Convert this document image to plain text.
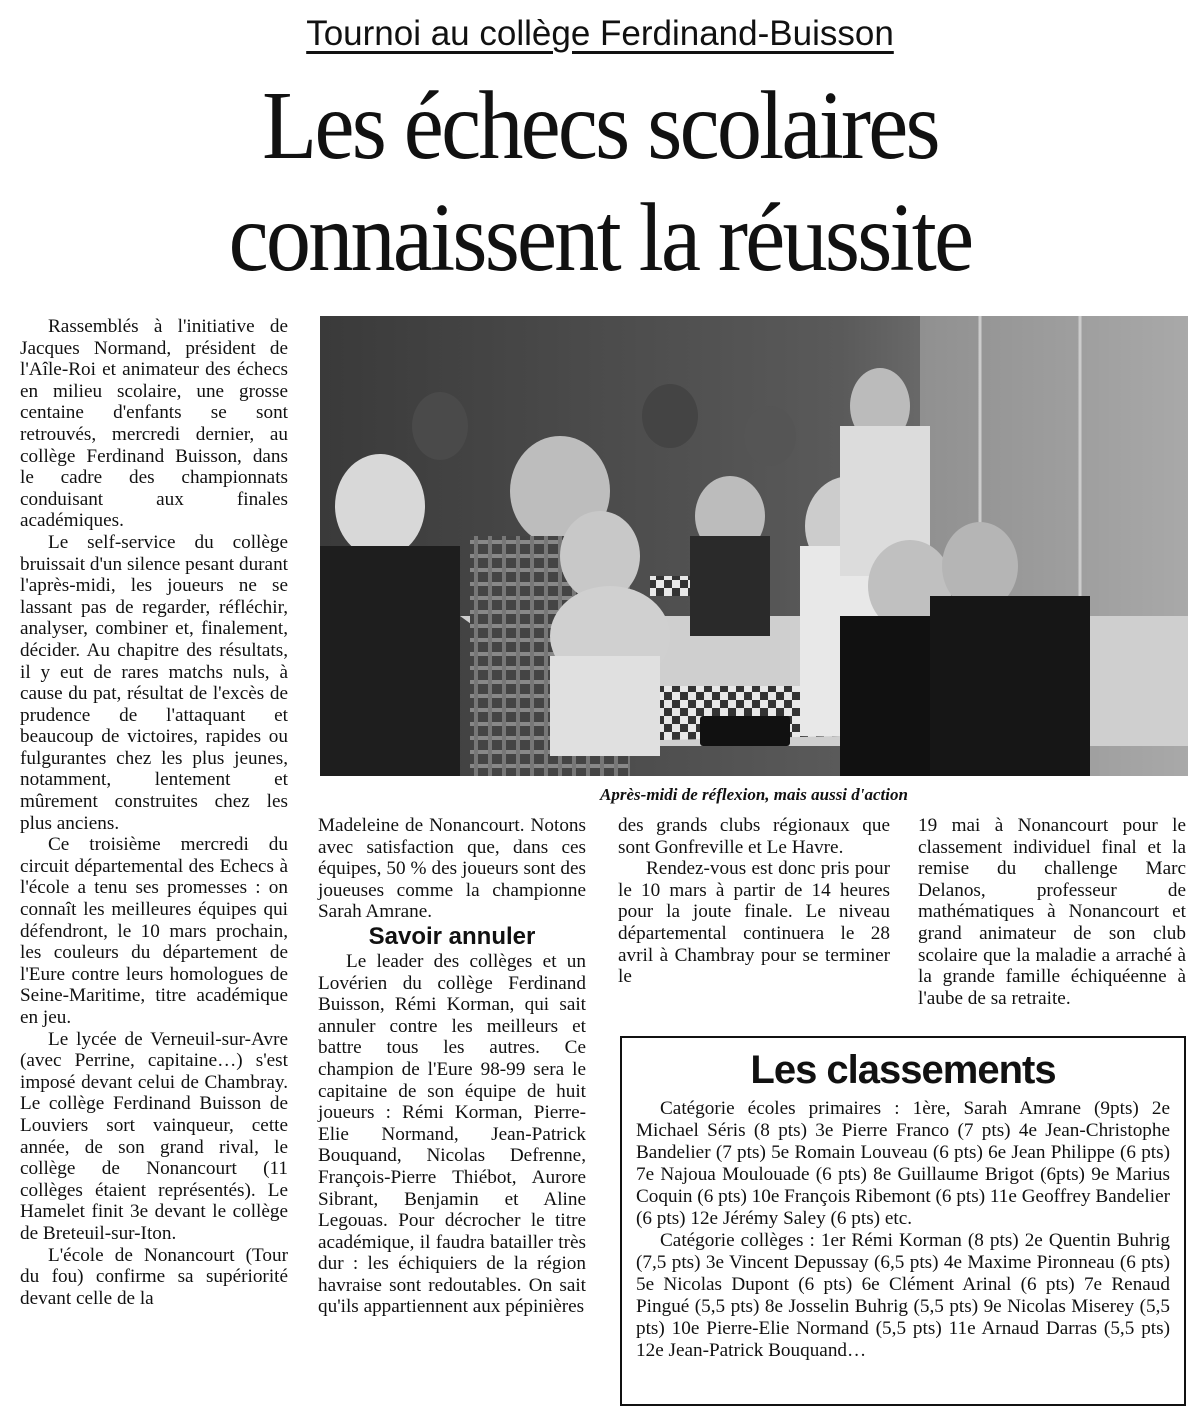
Tournoi au collège Ferdinand-Buisson
Les échecs scolaires
connaissent la réussite

Rassemblés à l'initiative de Jacques Normand, président de l'Aîle-Roi et animateur des échecs en milieu scolaire, une grosse centaine d'enfants se sont retrouvés, mercredi dernier, au collège Ferdinand Buisson, dans le cadre des championnats conduisant aux finales académiques.

Le self-service du collège bruissait d'un silence pesant durant l'après-midi, les joueurs ne se lassant pas de regarder, réfléchir, analyser, combiner et, finalement, décider. Au chapitre des résultats, il y eut de rares matchs nuls, à cause du pat, résultat de l'excès de prudence de l'attaquant et beaucoup de victoires, rapides ou fulgurantes chez les plus jeunes, notamment, lentement et mûrement construites chez les plus anciens.

Ce troisième mercredi du circuit départemental des Echecs à l'école a tenu ses promesses : on connaît les meilleures équipes qui défendront, le 10 mars prochain, les couleurs du département de l'Eure contre leurs homologues de Seine-Maritime, titre académique en jeu.

Le lycée de Verneuil-sur-Avre (avec Perrine, capitaine…) s'est imposé devant celui de Chambray. Le collège Ferdinand Buisson de Louviers sort vainqueur, cette année, de son grand rival, le collège de Nonancourt (11 collèges étaient représentés). Le Hamelet finit 3e devant le collège de Breteuil-sur-Iton.

L'école de Nonancourt (Tour du fou) confirme sa supériorité devant celle de la

Après-midi de réflexion, mais aussi d'action

Madeleine de Nonancourt. Notons avec satisfaction que, dans ces équipes, 50 % des joueurs sont des joueuses comme la championne Sarah Amrane.

Savoir annuler

Le leader des collèges et un Lovérien du collège Ferdinand Buisson, Rémi Korman, qui sait annuler contre les meilleurs et battre tous les autres. Ce champion de l'Eure 98-99 sera le capitaine de son équipe de huit joueurs : Rémi Korman, Pierre-Elie Normand, Jean-Patrick Bouquand, Nicolas Defrenne, François-Pierre Thiébot, Aurore Sibrant, Benjamin et Aline Legouas. Pour décrocher le titre académique, il faudra batailler très dur : les échiquiers de la région havraise sont redoutables. On sait qu'ils appartiennent aux pépinières

des grands clubs régionaux que sont Gonfreville et Le Havre.

Rendez-vous est donc pris pour le 10 mars à partir de 14 heures pour la joute finale. Le niveau départemental continuera le 28 avril à Chambray pour se terminer le

19 mai à Nonancourt pour le classement individuel final et la remise du challenge Marc Delanos, professeur de mathématiques à Nonancourt et grand animateur de son club scolaire que la maladie a arraché à la grande famille échiquéenne à l'aube de sa retraite.

Les classements

Catégorie écoles primaires : 1ère, Sarah Amrane (9pts) 2e Michael Séris (8 pts) 3e Pierre Franco (7 pts) 4e Jean-Christophe Bandelier (7 pts) 5e Romain Louveau (6 pts) 6e Jean Philippe (6 pts) 7e Najoua Moulouade (6 pts) 8e Guillaume Brigot (6pts) 9e Marius Coquin (6 pts) 10e François Ribemont (6 pts) 11e Geoffrey Bandelier (6 pts) 12e Jérémy Saley (6 pts) etc.

Catégorie collèges : 1er Rémi Korman (8 pts) 2e Quentin Buhrig (7,5 pts) 3e Vincent Depussay (6,5 pts) 4e Maxime Pironneau (6 pts) 5e Nicolas Dupont (6 pts) 6e Clément Arinal (6 pts) 7e Renaud Pingué (5,5 pts) 8e Josselin Buhrig (5,5 pts) 9e Nicolas Miserey (5,5 pts) 10e Pierre-Elie Normand (5,5 pts) 11e Arnaud Darras (5,5 pts) 12e Jean-Patrick Bouquand…
